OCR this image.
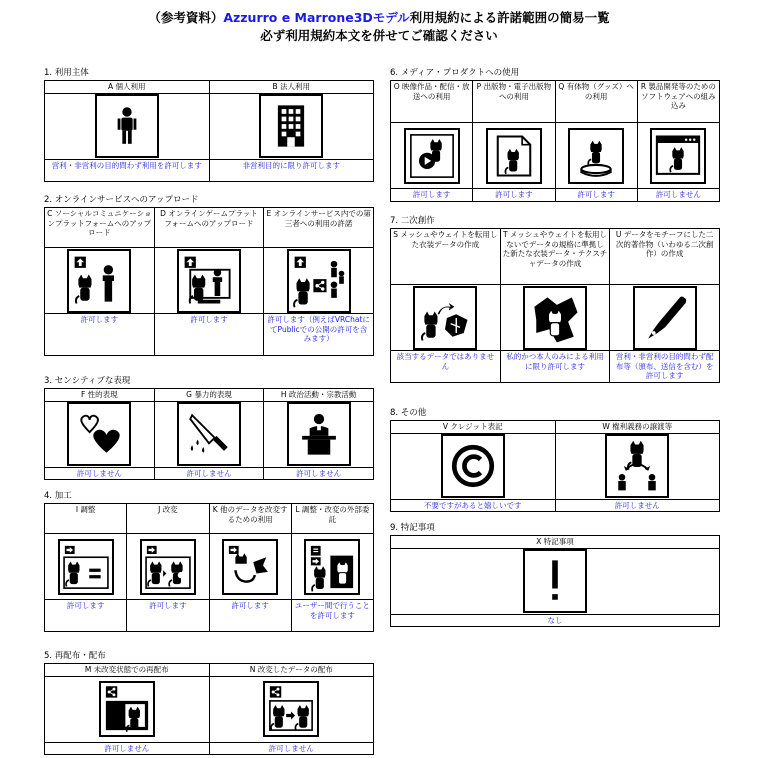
（参考資料）Azzurro e Marrone3Dモデル利用規約による許諾範囲の簡易一覧
必ず利用規約本文を併せてご確認ください
1. 利用主体
A 個人利用	B 法人利用

営利・非営利の目的問わず利用を許可します	非営利目的に限り許可します
2. オンラインサービスへのアップロード
C ソーシャルコミュニケーションプラットフォームへのアップロード	D オンラインゲームプラットフォームへのアップロード	E オンラインサービス内での第三者への利用の許諾

許可します	許可します	許可します（例えばVRChatにてPublicでの公開の許可を含みます）
3. センシティブな表現
F 性的表現	G 暴力的表現	H 政治活動・宗教活動

許可しません	許可しません	許可しません
4. 加工
I 調整	J 改変	K 他のデータを改変するための利用	L 調整・改変の外部委託

許可します	許可します	許可します	ユーザー間で行うことを許可します
5. 再配布・配布
M 未改変状態での再配布	N 改変したデータの配布

許可しません	許可しません
6. メディア・プロダクトへの使用
O 映像作品・配信・放送への利用	P 出版物・電子出版物への利用	Q 有体物（グッズ）への利用	R 製品開発等のためのソフトウェアへの組み込み

許可します	許可します	許可します	許可しません
7. 二次創作
S メッシュやウェイトを転用した衣装データの作成	T メッシュやウェイトを転用しないでデータの規格に準拠した新たな衣装データ・テクスチャデータの作成	U データをモチーフにした二次的著作物（いわゆる二次創作）の作成

該当するデータではありません	私的かつ本人のみによる利用に限り許可します	営利・非営利の目的問わず配布等（頒布、送信を含む）を許可します
8. その他
V クレジット表記	W 権利義務の譲渡等

不要ですがあると嬉しいです	許可しません
9. 特記事項
X 特記事項

なし
